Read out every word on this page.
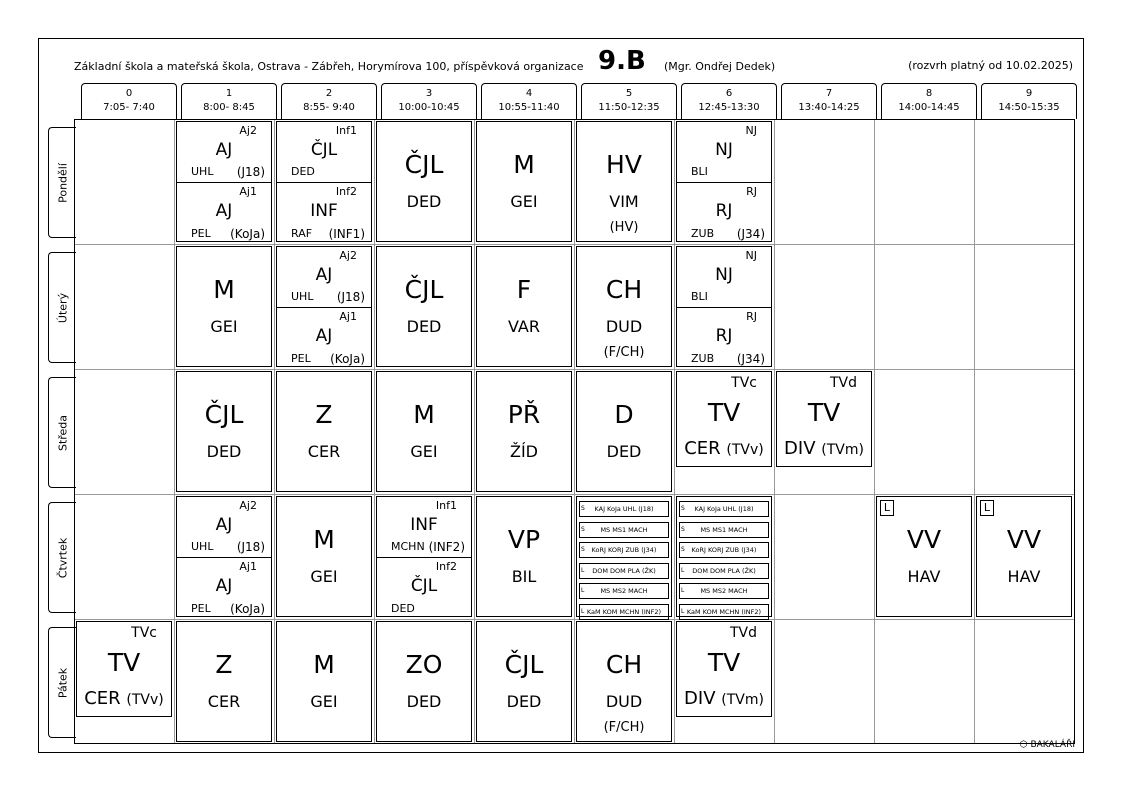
Základní škola a mateřská škola, Ostrava - Zábřeh, Horymírova 100, příspěvková organizace 9.B (Mgr. Ondřej Dedek)	(rozvrh platný od 10.02.2025)
0
7:05- 7:40
1
8:00- 8:45
2
8:55- 9:40
3
10:00-10:45
4
10:55-11:40
5
11:50-12:35
6
12:45-13:30
7
13:40-14:25
8
14:00-14:45
9
14:50-15:35
Pondělí
Úterý
Středa
Čtvrtek
Pátek
⬡ BAKALÁŘI
Aj2
AJ
UHL (J18)
Aj1
AJ
PEL (KoJa)
Inf1
ČJL
DED
Inf2
INF
RAF (INF1)
ČJL
DED
M
GEI
HV
VIM
(HV)
NJ
NJ
BLI
RJ
RJ
ZUB (J34)
M
GEI
Aj2
AJ
UHL (J18)
Aj1
AJ
PEL (KoJa)
ČJL
DED
F
VAR
CH
DUD
(F/CH)
NJ
NJ
BLI
RJ
RJ
ZUB (J34)
ČJL
DED
Z
CER
M
GEI
PŘ
ŽÍD
D
DED
TVc
TV
CER (TVv)
TVd
TV
DIV (TVm)
Aj2
AJ
UHL (J18)
Aj1
AJ
PEL (KoJa)
M
GEI
Inf1
INF
MCHN (INF2)
Inf2
ČJL
DED
VP
BIL
S KAJ KoJa UHL (J18)
S MS MS1 MACH
S KoRJ KORJ ZUB (J34)
L DOM DOM PLA (ŽK)
L MS MS2 MACH
L KaM KOM MCHN (INF2)
S KAJ KoJa UHL (J18)
S MS MS1 MACH
S KoRJ KORJ ZUB (J34)
L DOM DOM PLA (ŽK)
L MS MS2 MACH
L KaM KOM MCHN (INF2)
L
VV
HAV
L
VV
HAV
TVc
TV
CER (TVv)
Z
CER
M
GEI
ZO
DED
ČJL
DED
CH
DUD
(F/CH)
TVd
TV
DIV (TVm)
